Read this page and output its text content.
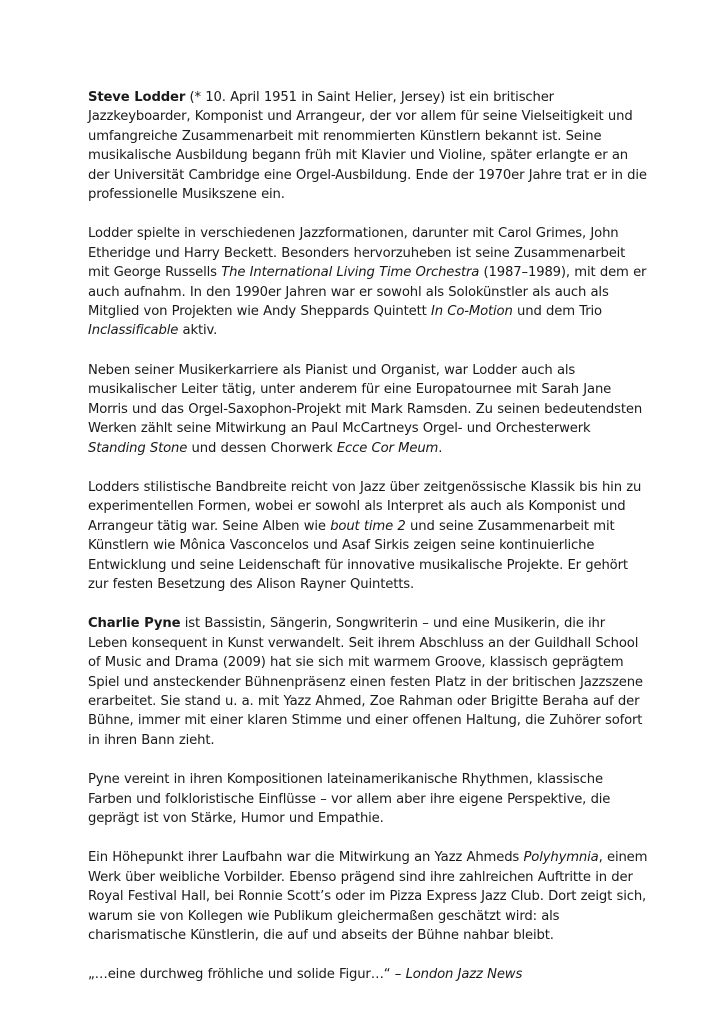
Steve Lodder (* 10. April 1951 in Saint Helier, Jersey) ist ein britischer Jazzkeyboarder, Komponist und Arrangeur, der vor allem für seine Vielseitigkeit und umfangreiche Zusammenarbeit mit renommierten Künstlern bekannt ist. Seine musikalische Ausbildung begann früh mit Klavier und Violine, später erlangte er an der Universität Cambridge eine Orgel-Ausbildung. Ende der 1970er Jahre trat er in die professionelle Musikszene ein.

Lodder spielte in verschiedenen Jazzformationen, darunter mit Carol Grimes, John Etheridge und Harry Beckett. Besonders hervorzuheben ist seine Zusammenarbeit mit George Russells The International Living Time Orchestra (1987–1989), mit dem er auch aufnahm. In den 1990er Jahren war er sowohl als Solokünstler als auch als Mitglied von Projekten wie Andy Sheppards Quintett In Co-Motion und dem Trio Inclassificable aktiv.

Neben seiner Musikerkarriere als Pianist und Organist, war Lodder auch als musikalischer Leiter tätig, unter anderem für eine Europatournee mit Sarah Jane Morris und das Orgel-Saxophon-Projekt mit Mark Ramsden. Zu seinen bedeutendsten Werken zählt seine Mitwirkung an Paul McCartneys Orgel- und Orchesterwerk Standing Stone und dessen Chorwerk Ecce Cor Meum.

Lodders stilistische Bandbreite reicht von Jazz über zeitgenössische Klassik bis hin zu experimentellen Formen, wobei er sowohl als Interpret als auch als Komponist und Arrangeur tätig war. Seine Alben wie bout time 2 und seine Zusammenarbeit mit Künstlern wie Mônica Vasconcelos und Asaf Sirkis zeigen seine kontinuierliche Entwicklung und seine Leidenschaft für innovative musikalische Projekte. Er gehört zur festen Besetzung des Alison Rayner Quintetts.

Charlie Pyne ist Bassistin, Sängerin, Songwriterin – und eine Musikerin, die ihr Leben konsequent in Kunst verwandelt. Seit ihrem Abschluss an der Guildhall School of Music and Drama (2009) hat sie sich mit warmem Groove, klassisch geprägtem Spiel und ansteckender Bühnenpräsenz einen festen Platz in der britischen Jazzszene erarbeitet. Sie stand u. a. mit Yazz Ahmed, Zoe Rahman oder Brigitte Beraha auf der Bühne, immer mit einer klaren Stimme und einer offenen Haltung, die Zuhörer sofort in ihren Bann zieht.

Pyne vereint in ihren Kompositionen lateinamerikanische Rhythmen, klassische Farben und folkloristische Einflüsse – vor allem aber ihre eigene Perspektive, die geprägt ist von Stärke, Humor und Empathie.

Ein Höhepunkt ihrer Laufbahn war die Mitwirkung an Yazz Ahmeds Polyhymnia, einem Werk über weibliche Vorbilder. Ebenso prägend sind ihre zahlreichen Auftritte in der Royal Festival Hall, bei Ronnie Scott’s oder im Pizza Express Jazz Club. Dort zeigt sich, warum sie von Kollegen wie Publikum gleichermaßen geschätzt wird: als charismatische Künstlerin, die auf und abseits der Bühne nahbar bleibt.

„…eine durchweg fröhliche und solide Figur…“ – London Jazz News
